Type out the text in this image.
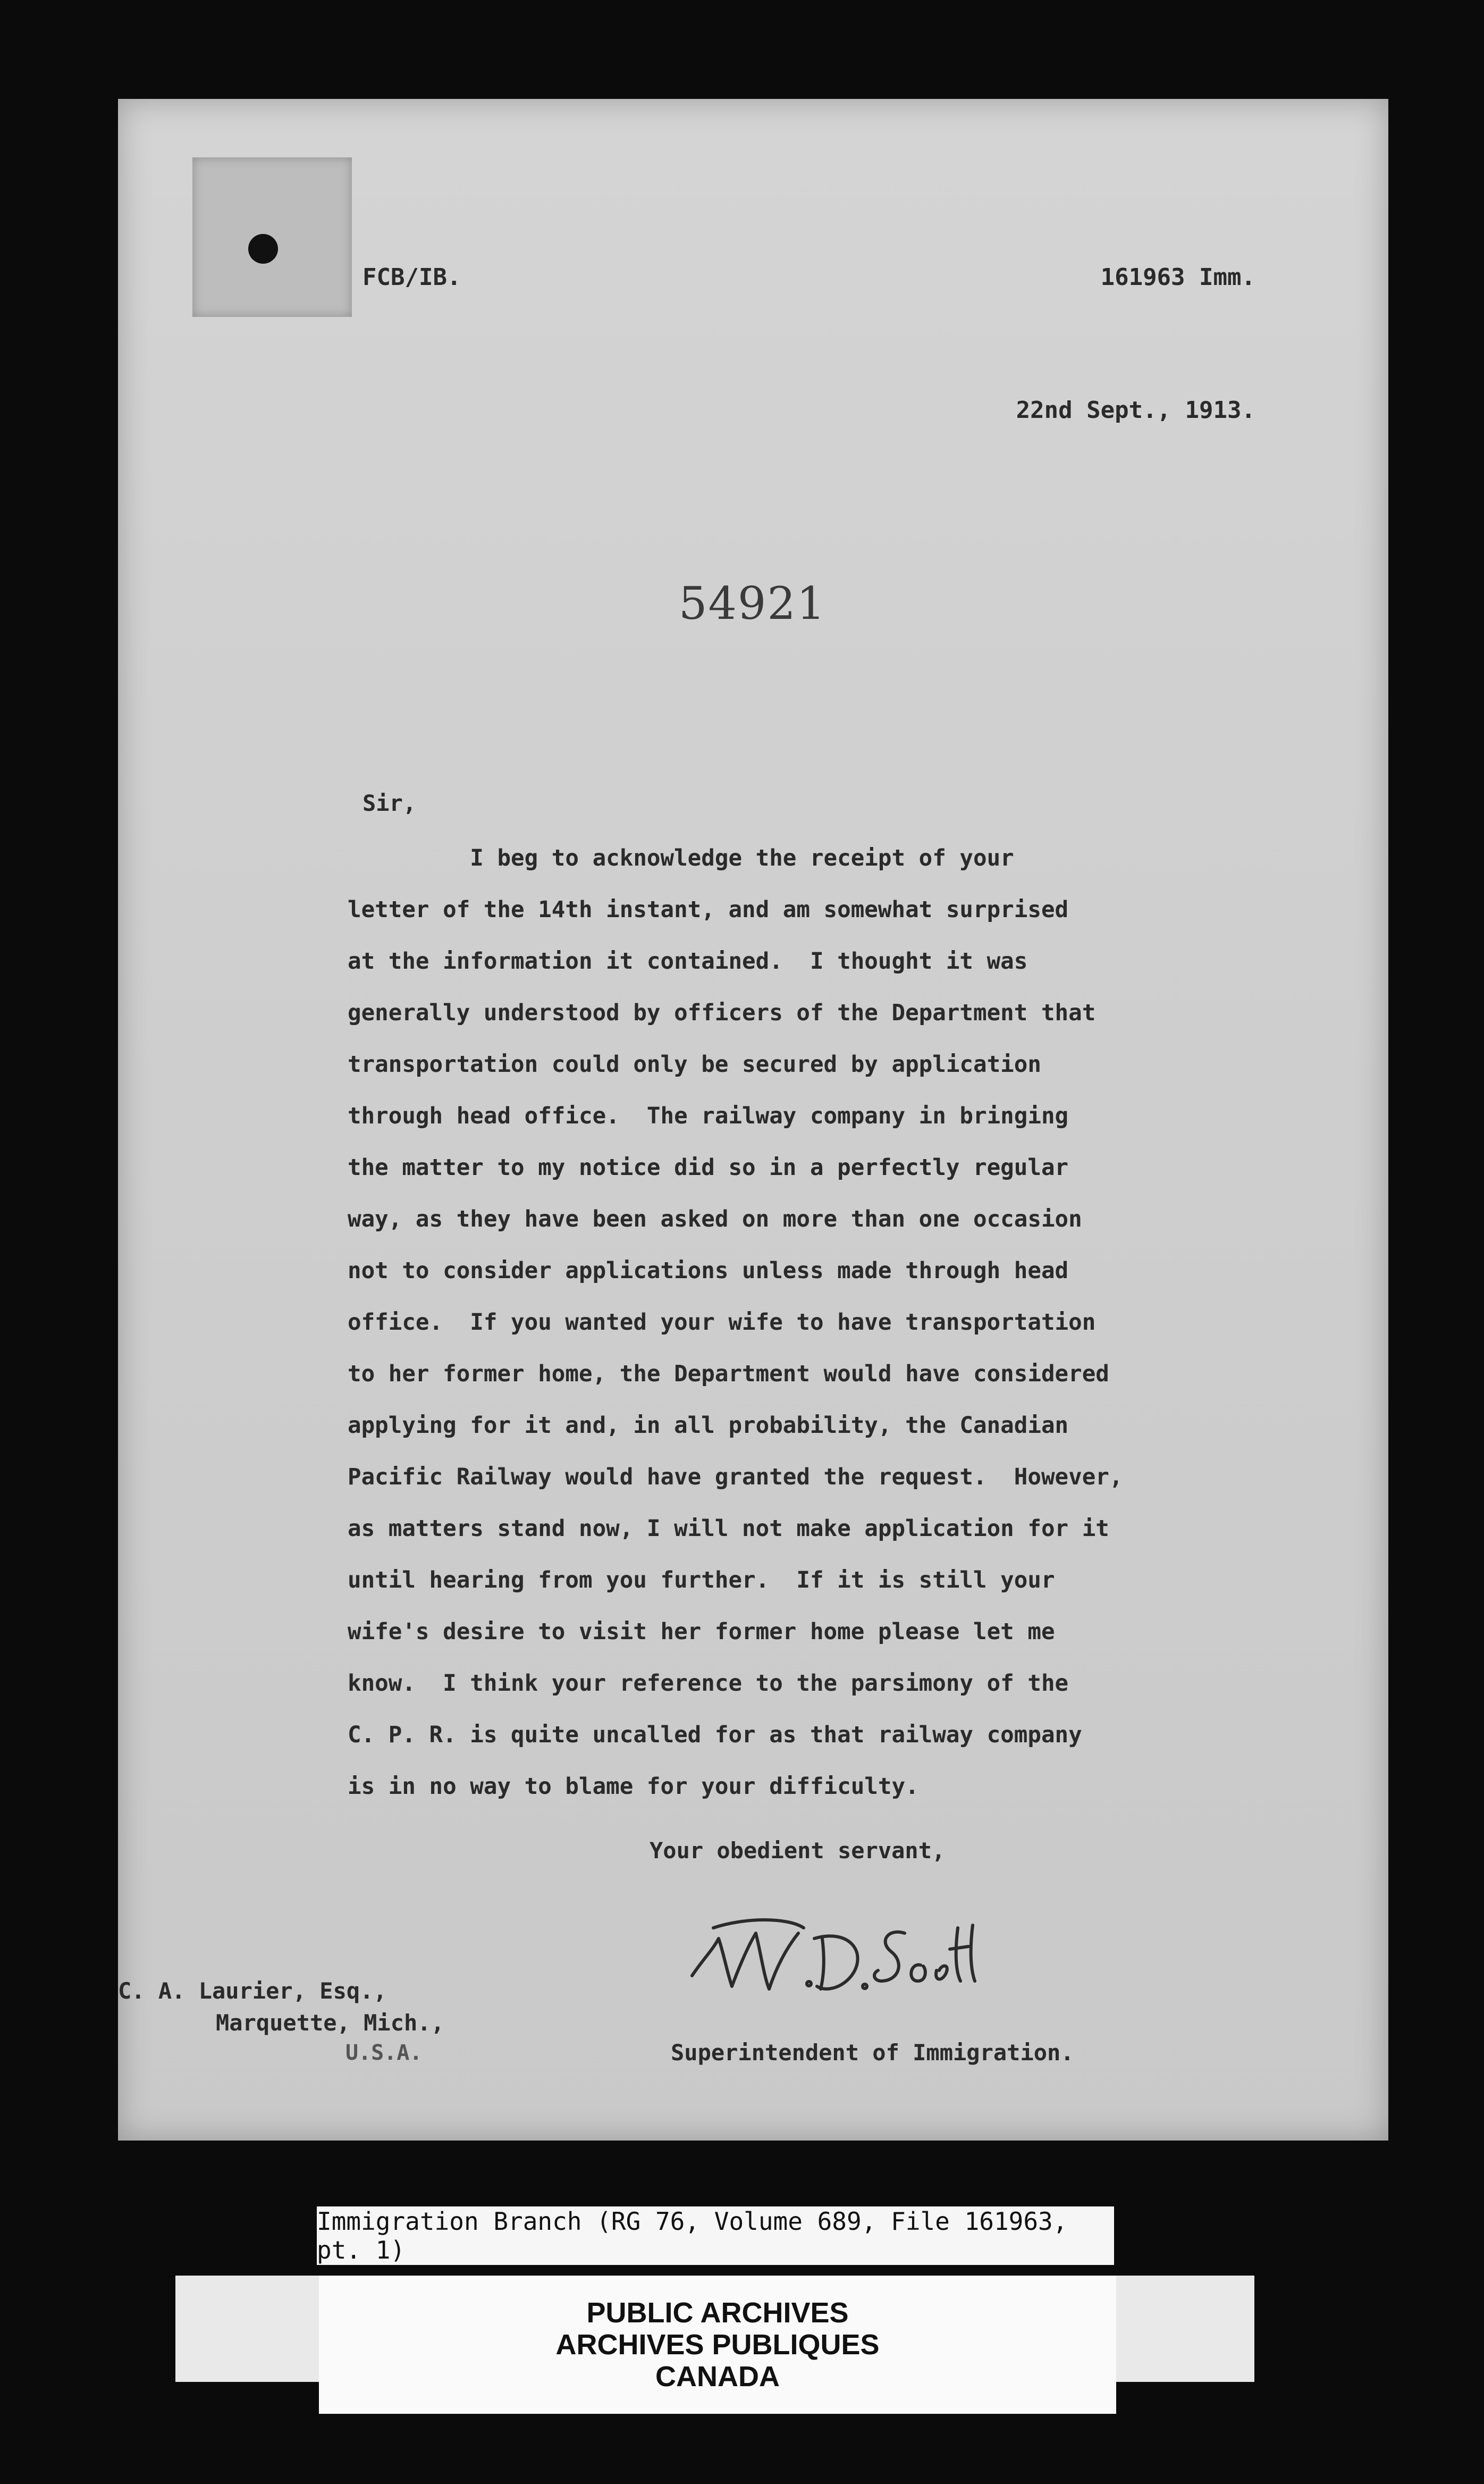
FCB/IB.	161963 Imm.
22nd Sept., 1913.
54921
Sir,
I beg to acknowledge the receipt of your
letter of the 14th instant, and am somewhat surprised
at the information it contained.  I thought it was
generally understood by officers of the Department that
transportation could only be secured by application
through head office.  The railway company in bringing
the matter to my notice did so in a perfectly regular
way, as they have been asked on more than one occasion
not to consider applications unless made through head
office.  If you wanted your wife to have transportation
to her former home, the Department would have considered
applying for it and, in all probability, the Canadian
Pacific Railway would have granted the request.  However,
as matters stand now, I will not make application for it
until hearing from you further.  If it is still your
wife's desire to visit her former home please let me
know.  I think your reference to the parsimony of the
C. P. R. is quite uncalled for as that railway company
is in no way to blame for your difficulty.
Your obedient servant,
Superintendent of Immigration.
C. A. Laurier, Esq.,
Marquette, Mich.,
U.S.A.
Immigration Branch (RG 76, Volume 689, File 161963, pt. 1)
PUBLIC ARCHIVES
ARCHIVES PUBLIQUES
CANADA
